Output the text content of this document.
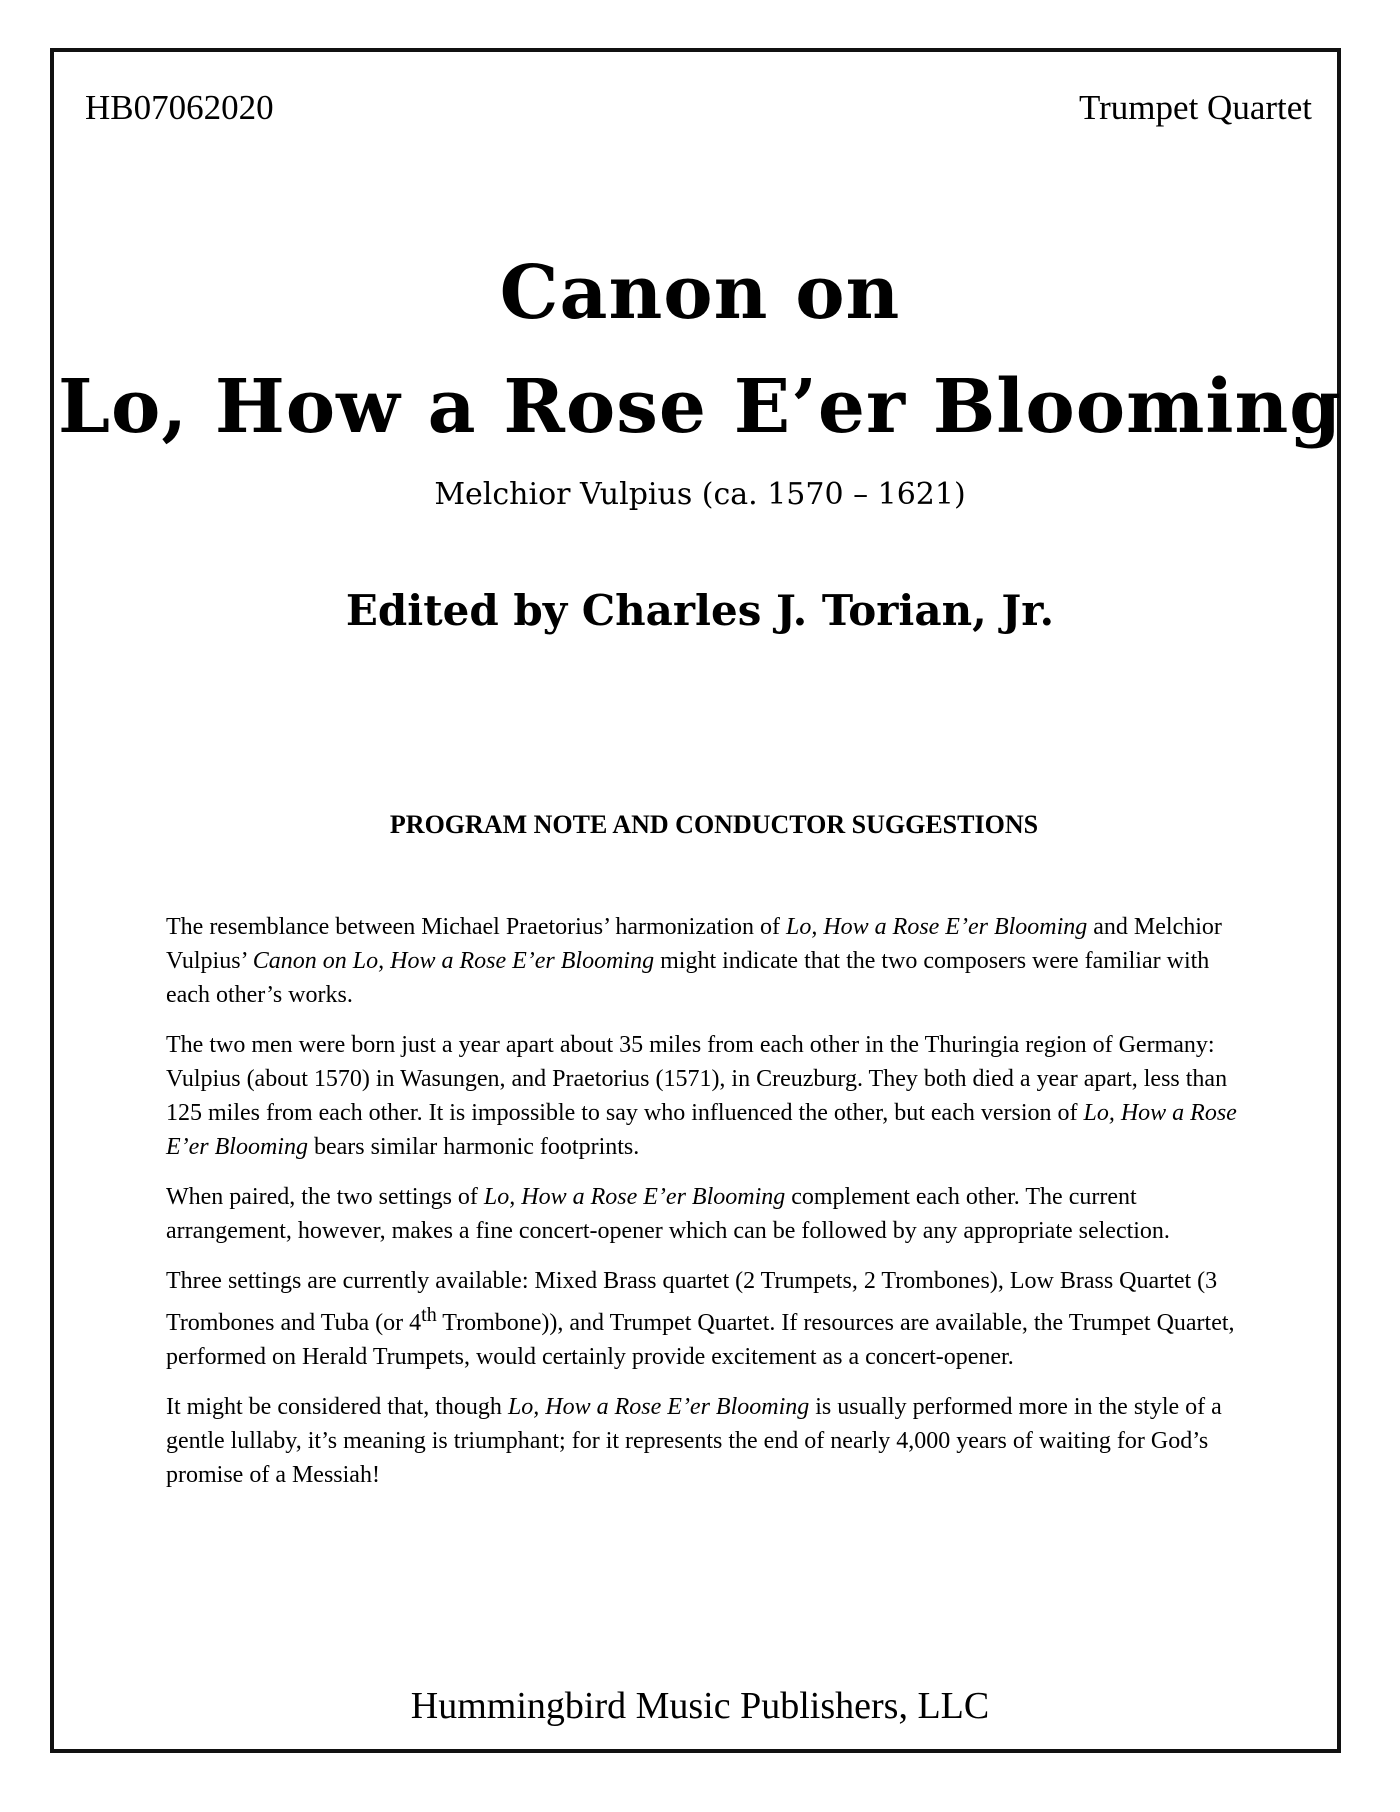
HB07062020	Trumpet Quartet
Canon on
Lo, How a Rose E’er Blooming
Melchior Vulpius (ca. 1570 – 1621)
Edited by Charles J. Torian, Jr.
PROGRAM NOTE AND CONDUCTOR SUGGESTIONS

The resemblance between Michael Praetorius’ harmonization of Lo, How a Rose E’er Blooming and Melchior Vulpius’ Canon on Lo, How a Rose E’er Blooming might indicate that the two composers were familiar with each other’s works.

The two men were born just a year apart about 35 miles from each other in the Thuringia region of Germany: Vulpius (about 1570) in Wasungen, and Praetorius (1571), in Creuzburg. They both died a year apart, less than 125 miles from each other. It is impossible to say who influenced the other, but each version of Lo, How a Rose E’er Blooming bears similar harmonic footprints.

When paired, the two settings of Lo, How a Rose E’er Blooming complement each other. The current arrangement, however, makes a fine concert-opener which can be followed by any appropriate selection.

Three settings are currently available: Mixed Brass quartet (2 Trumpets, 2 Trombones), Low Brass Quartet (3 Trombones and Tuba (or 4th Trombone)), and Trumpet Quartet. If resources are available, the Trumpet Quartet, performed on Herald Trumpets, would certainly provide excitement as a concert-opener.

It might be considered that, though Lo, How a Rose E’er Blooming is usually performed more in the style of a gentle lullaby, it’s meaning is triumphant; for it represents the end of nearly 4,000 years of waiting for God’s promise of a Messiah!

Hummingbird Music Publishers, LLC
